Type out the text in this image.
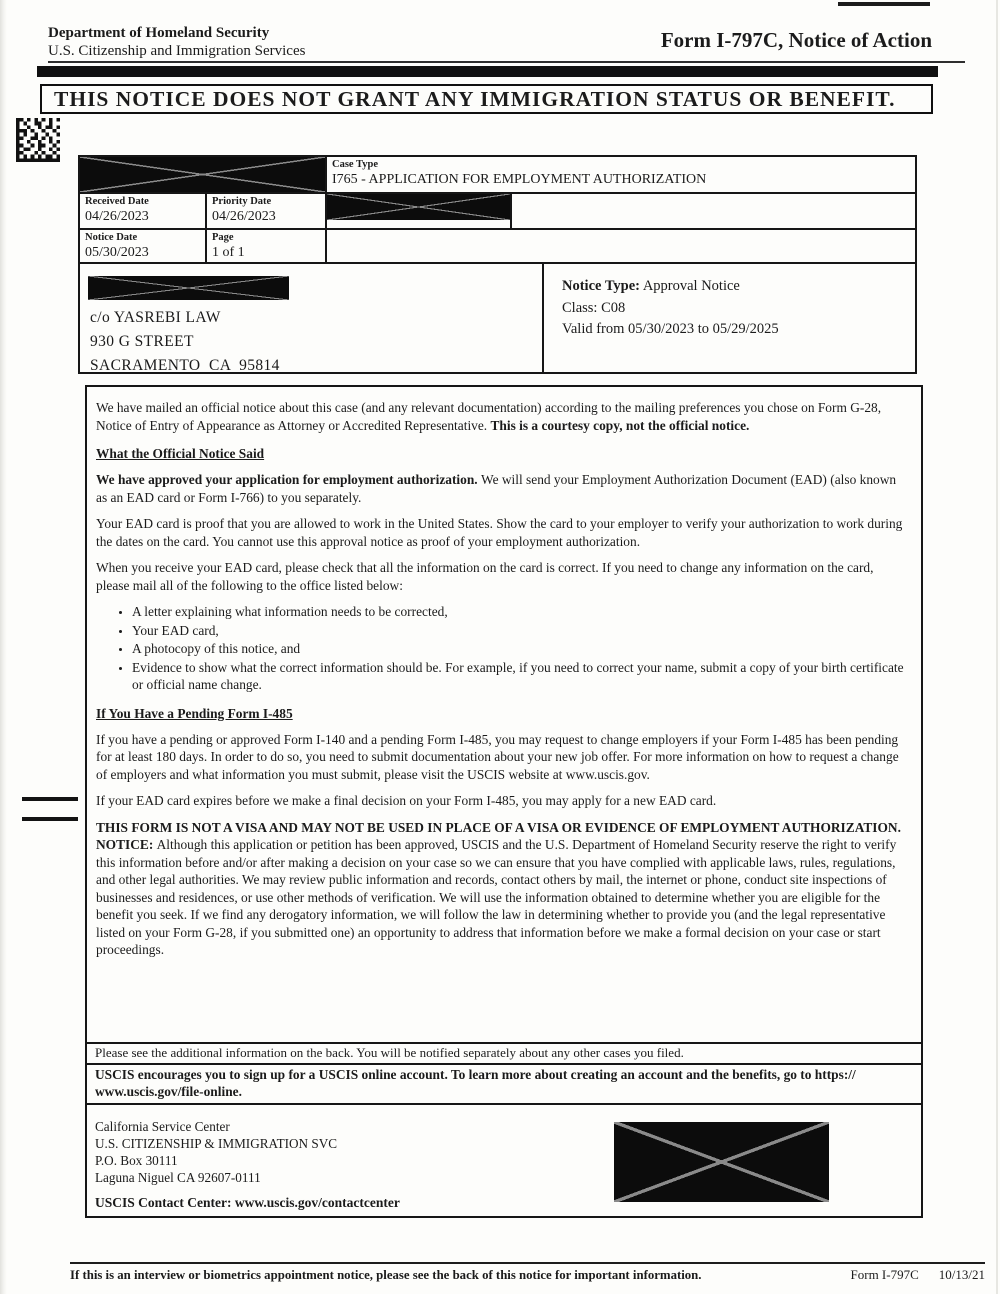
Department of Homeland Security
U.S. Citizenship and Immigration Services	Form I-797C, Notice of Action
THIS NOTICE DOES NOT GRANT ANY IMMIGRATION STATUS OR BENEFIT.
Case Type
I765 - APPLICATION FOR EMPLOYMENT AUTHORIZATION
Received Date
04/26/2023
Priority Date
04/26/2023
Notice Date
05/30/2023
Page
1 of 1
c/o YASREBI LAW
930 G STREET
SACRAMENTO  CA  95814
Notice Type: Approval Notice
Class: C08
Valid from 05/30/2023 to 05/29/2025

We have mailed an official notice about this case (and any relevant documentation) according to the mailing preferences you chose on Form G-28, Notice of Entry of Appearance as Attorney or Accredited Representative. This is a courtesy copy, not the official notice.

What the Official Notice Said

We have approved your application for employment authorization. We will send your Employment Authorization Document (EAD) (also known as an EAD card or Form I-766) to you separately.

Your EAD card is proof that you are allowed to work in the United States. Show the card to your employer to verify your authorization to work during the dates on the card. You cannot use this approval notice as proof of your employment authorization.

When you receive your EAD card, please check that all the information on the card is correct. If you need to change any information on the card, please mail all of the following to the office listed below:

• A letter explaining what information needs to be corrected,
• Your EAD card,
• A photocopy of this notice, and
• Evidence to show what the correct information should be. For example, if you need to correct your name, submit a copy of your birth certificate or official name change.
If You Have a Pending Form I-485

If you have a pending or approved Form I-140 and a pending Form I-485, you may request to change employers if your Form I-485 has been pending for at least 180 days. In order to do so, you need to submit documentation about your new job offer. For more information on how to request a change of employers and what information you must submit, please visit the USCIS website at www.uscis.gov.

If your EAD card expires before we make a final decision on your Form I-485, you may apply for a new EAD card.

THIS FORM IS NOT A VISA AND MAY NOT BE USED IN PLACE OF A VISA OR EVIDENCE OF EMPLOYMENT AUTHORIZATION. NOTICE: Although this application or petition has been approved, USCIS and the U.S. Department of Homeland Security reserve the right to verify this information before and/or after making a decision on your case so we can ensure that you have complied with applicable laws, rules, regulations, and other legal authorities. We may review public information and records, contact others by mail, the internet or phone, conduct site inspections of businesses and residences, or use other methods of verification. We will use the information obtained to determine whether you are eligible for the benefit you seek. If we find any derogatory information, we will follow the law in determining whether to provide you (and the legal representative listed on your Form G-28, if you submitted one) an opportunity to address that information before we make a formal decision on your case or start proceedings.

Please see the additional information on the back. You will be notified separately about any other cases you filed.
USCIS encourages you to sign up for a USCIS online account. To learn more about creating an account and the benefits, go to https://
www.uscis.gov/file-online.
California Service Center
U.S. CITIZENSHIP & IMMIGRATION SVC
P.O. Box 30111
Laguna Niguel CA 92607-0111
USCIS Contact Center: www.uscis.gov/contactcenter
If this is an interview or biometrics appointment notice, please see the back of this notice for important information.	Form I-797C 10/13/21
